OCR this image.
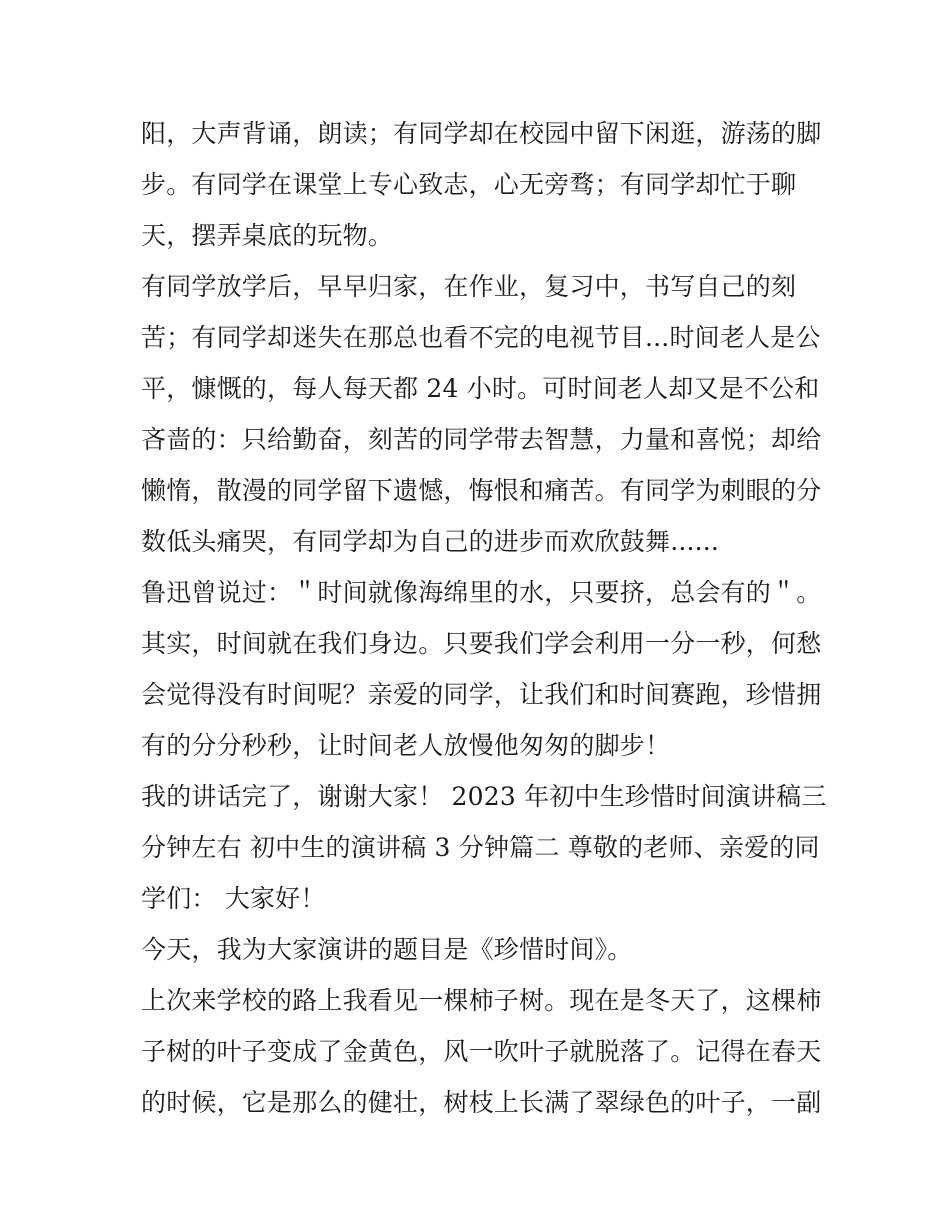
阳，大声背诵，朗读；有同学却在校园中留下闲逛，游荡的脚
步。有同学在课堂上专心致志，心无旁骛；有同学却忙于聊
天，摆弄桌底的玩物。
有同学放学后，早早归家，在作业，复习中，书写自己的刻
苦；有同学却迷失在那总也看不完的电视节目...时间老人是公
平，慷慨的，每人每天都 24 小时。可时间老人却又是不公和
吝啬的：只给勤奋，刻苦的同学带去智慧，力量和喜悦；却给
懒惰，散漫的同学留下遗憾，悔恨和痛苦。有同学为刺眼的分
数低头痛哭，有同学却为自己的进步而欢欣鼓舞......
鲁迅曾说过：＂时间就像海绵里的水，只要挤，总会有的＂。
其实，时间就在我们身边。只要我们学会利用一分一秒，何愁
会觉得没有时间呢？亲爱的同学，让我们和时间赛跑，珍惜拥
有的分分秒秒，让时间老人放慢他匆匆的脚步！
我的讲话完了，谢谢大家！ 2023 年初中生珍惜时间演讲稿三
分钟左右 初中生的演讲稿 3 分钟篇二 尊敬的老师、亲爱的同
学们： 大家好！
今天，我为大家演讲的题目是《珍惜时间》。
上次来学校的路上我看见一棵柿子树。现在是冬天了，这棵柿
子树的叶子变成了金黄色，风一吹叶子就脱落了。记得在春天
的时候，它是那么的健壮，树枝上长满了翠绿色的叶子，一副
